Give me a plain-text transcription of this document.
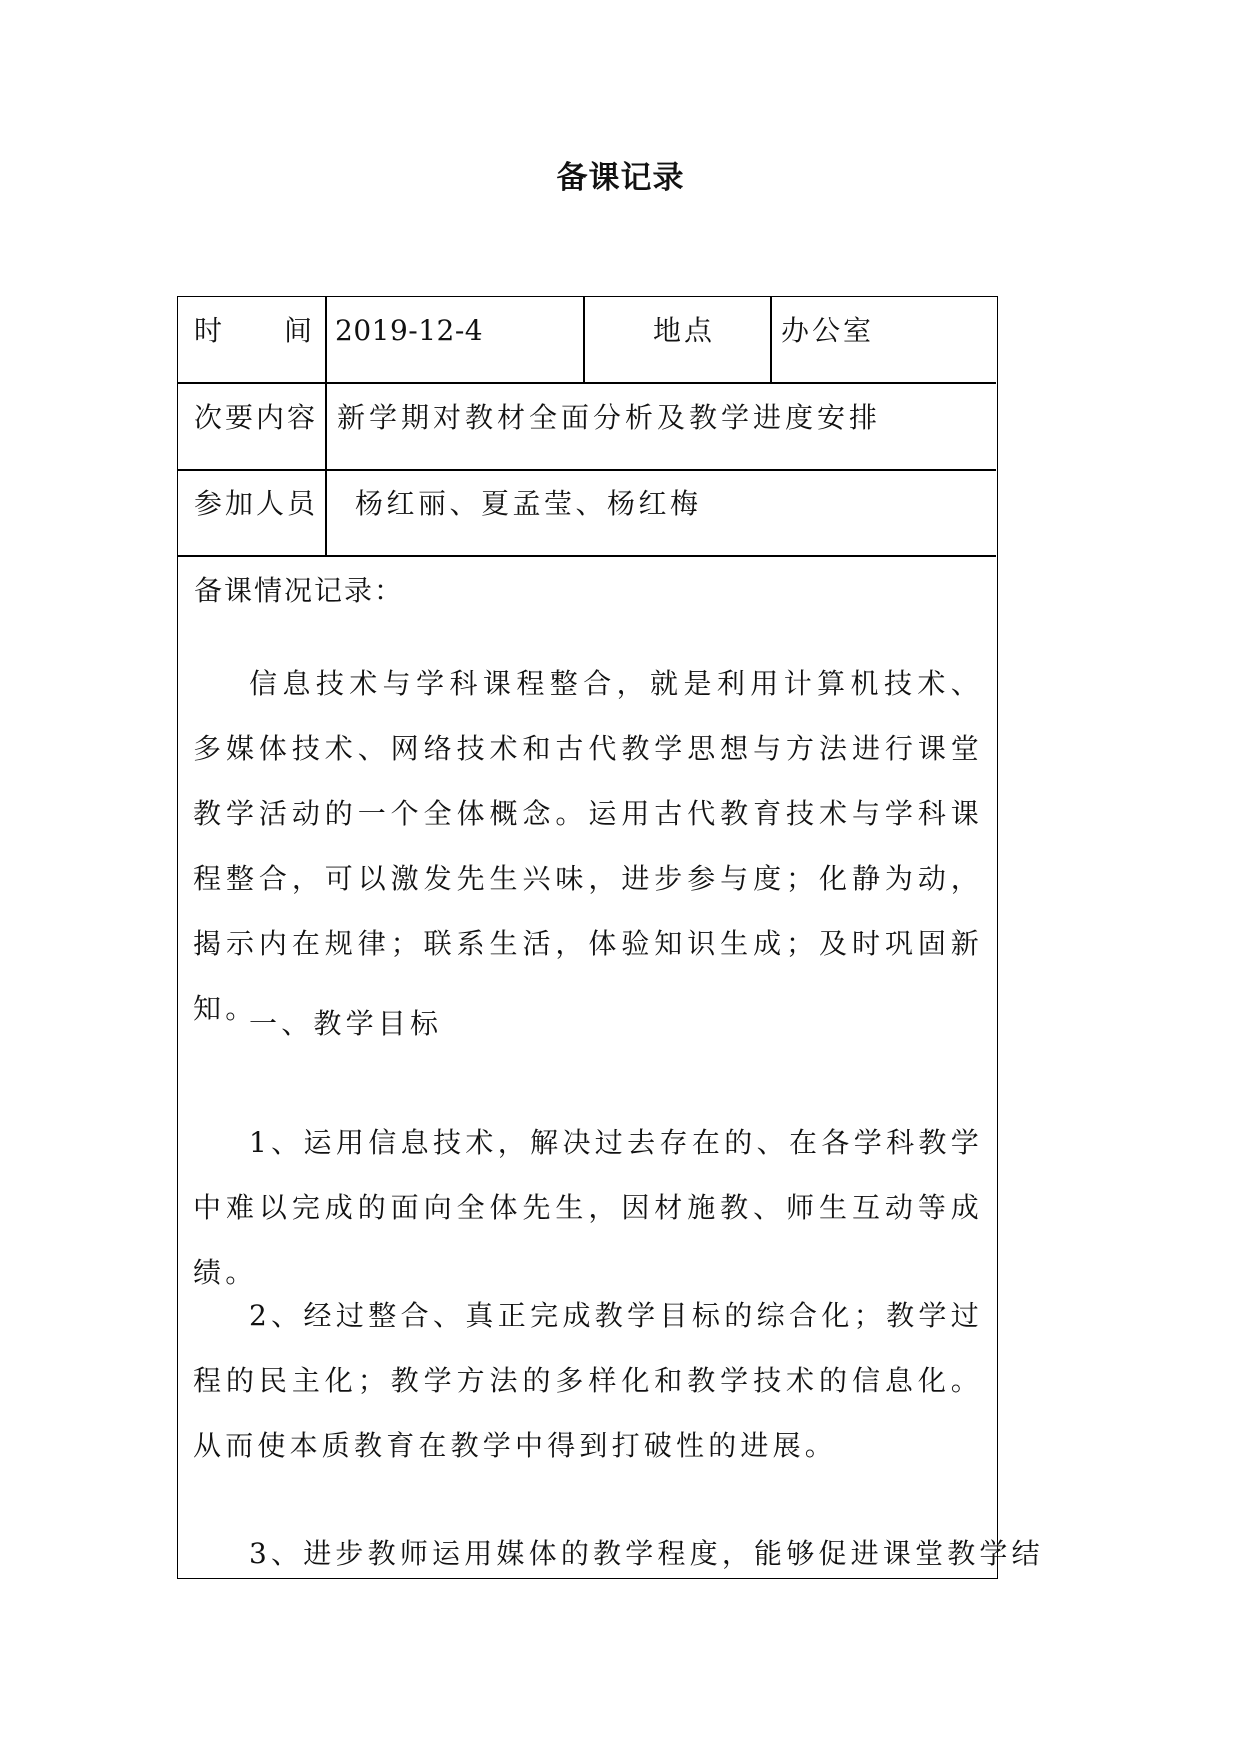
备课记录
时 间 2019-12-4	地点 办公室
次要内容 新学期对教材全面分析及教学进度安排
参加人员 杨红丽、夏孟莹、杨红梅
备课情况记录：
信息技术与学科课程整合，就是利用计算机技术、多媒体技术、网络技术和古代教学思想与方法进行课堂教学活动的一个全体概念。运用古代教育技术与学科课程整合，可以激发先生兴味，进步参与度；化静为动，揭示内在规律；联系生活，体验知识生成；及时巩固新知。
一、教学目标
1、运用信息技术，解决过去存在的、在各学科教学中难以完成的面向全体先生，因材施教、师生互动等成绩。
2、经过整合、真正完成教学目标的综合化；教学过程的民主化；教学方法的多样化和教学技术的信息化。从而使本质教育在教学中得到打破性的进展。
3、进步教师运用媒体的教学程度，能够促进课堂教学结
